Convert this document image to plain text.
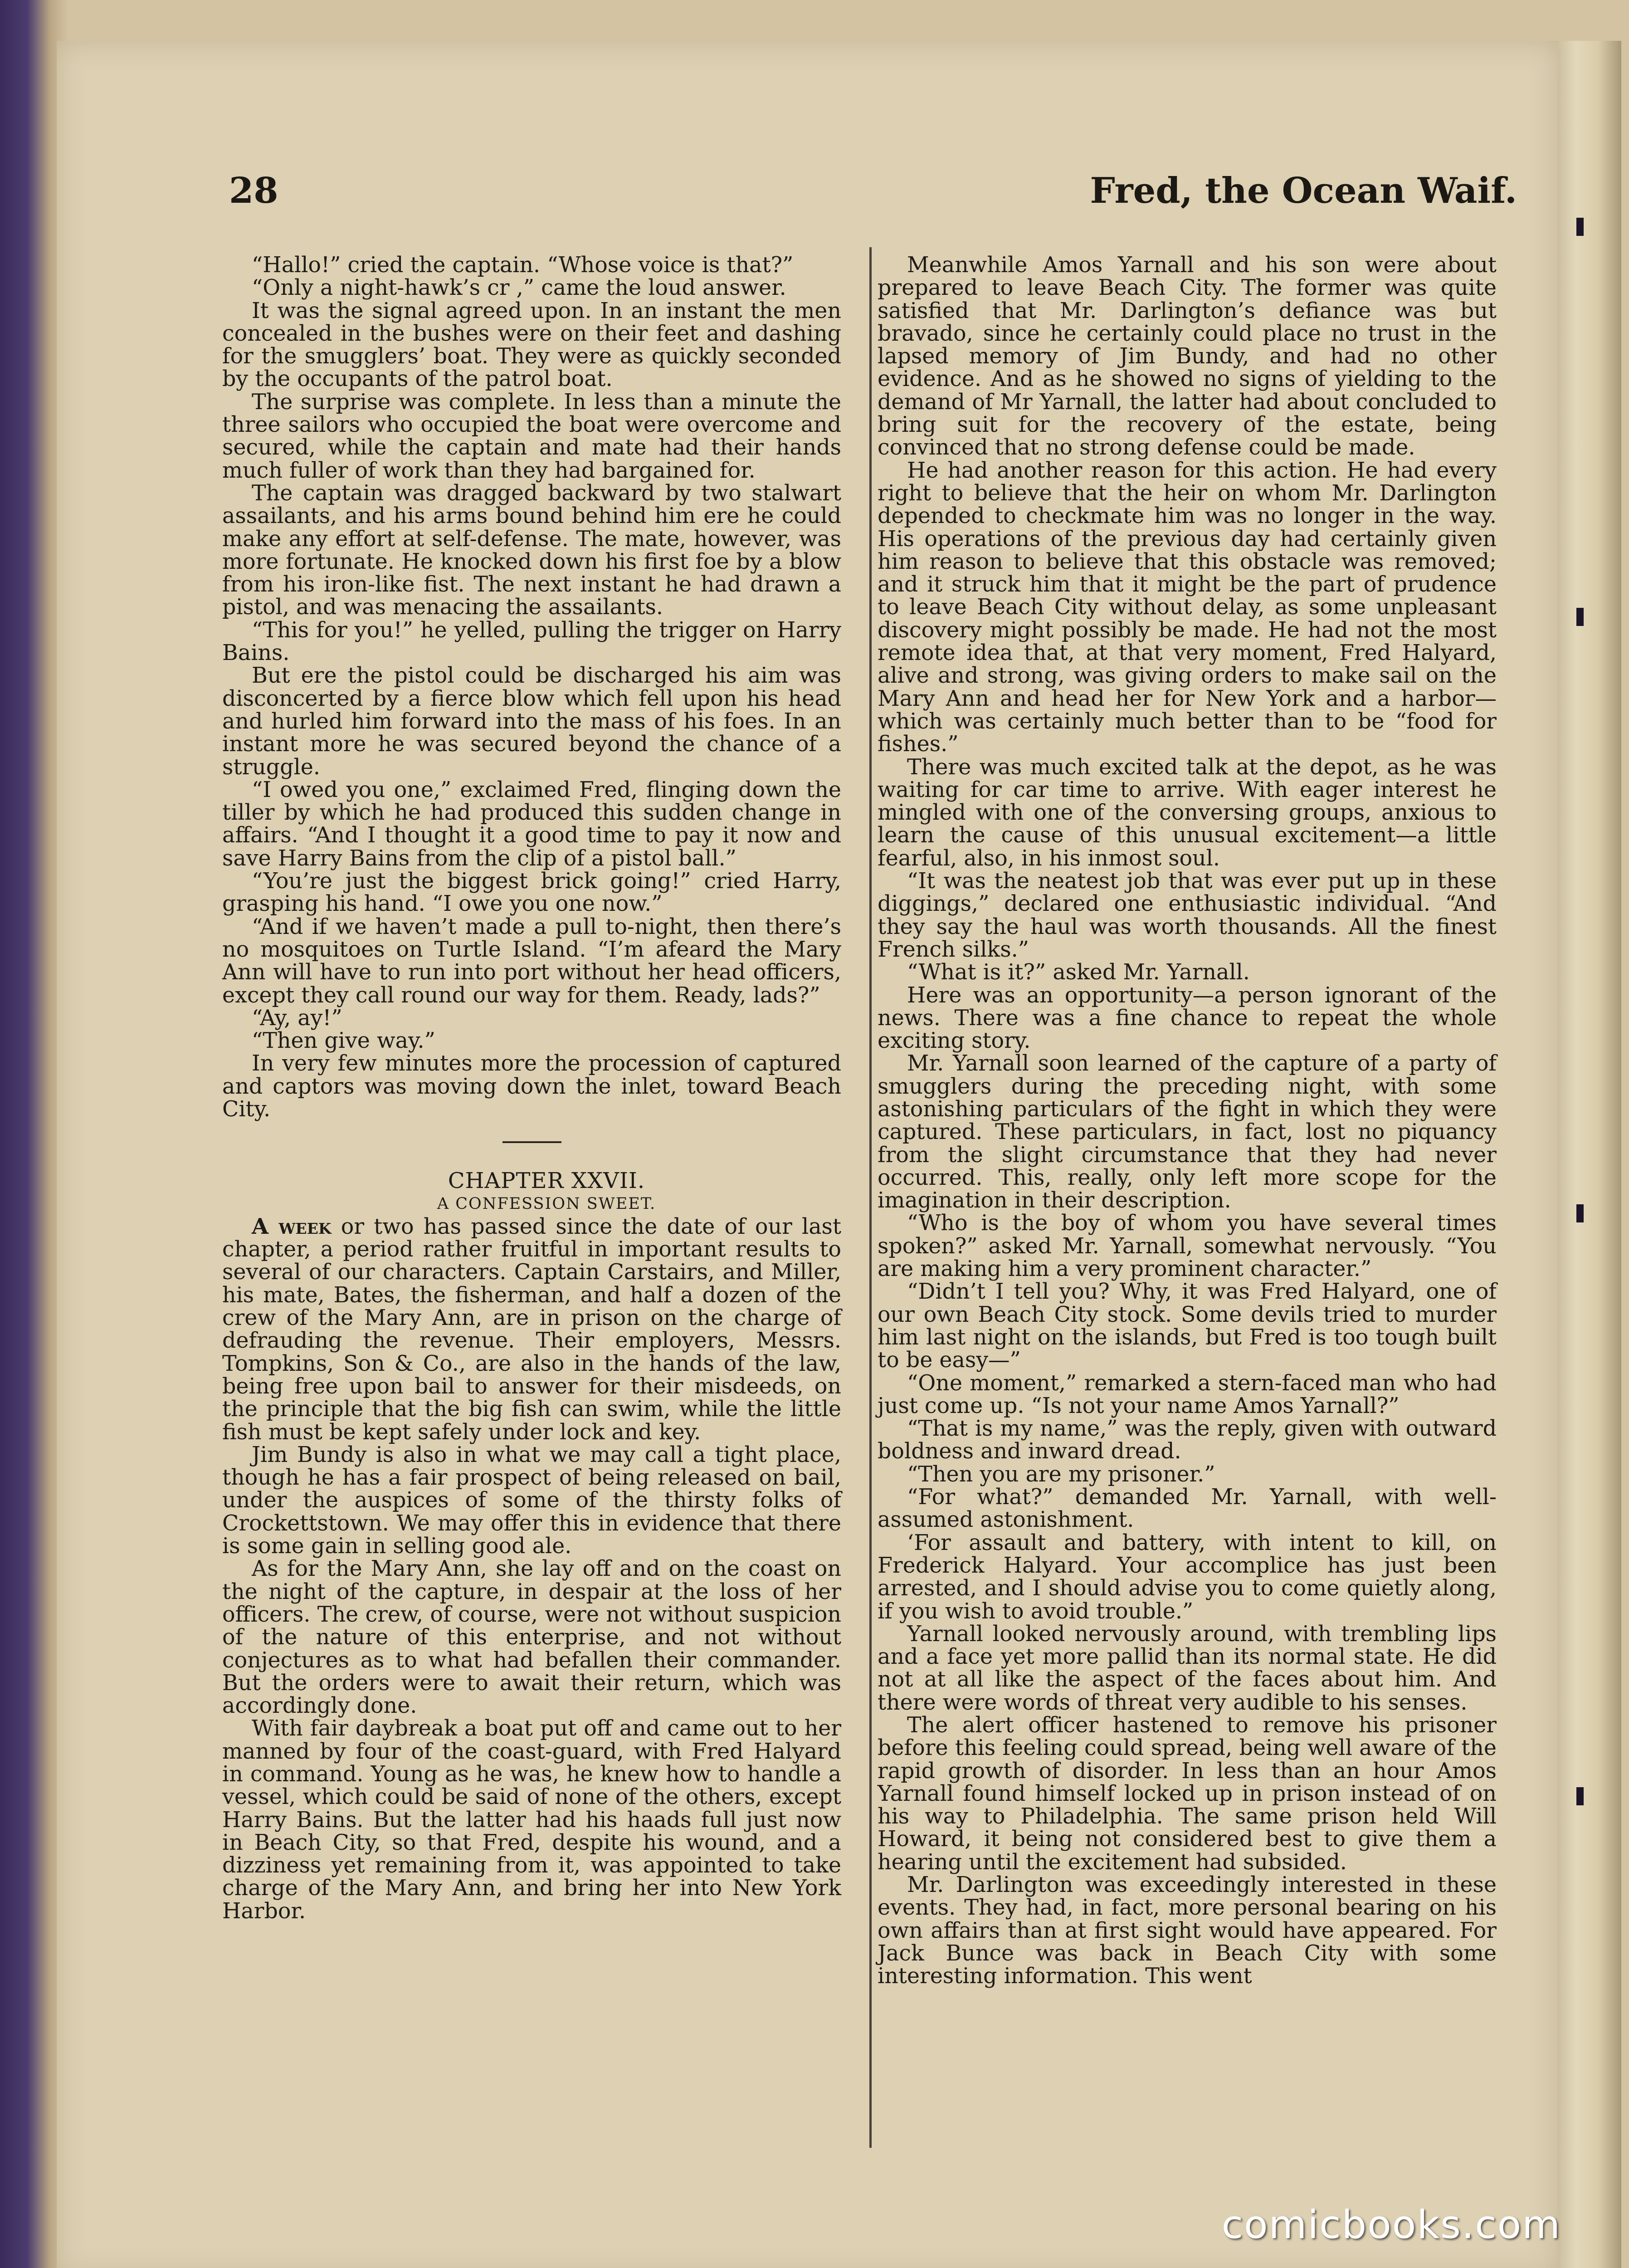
28	Fred, the Ocean Waif.

“Hallo!” cried the captain. “Whose voice is that?”

“Only a night-hawk’s cr ,” came the loud answer.

It was the signal agreed upon. In an instant the men concealed in the bushes were on their feet and dashing for the smugglers’ boat. They were as quickly seconded by the occupants of the patrol boat.

The surprise was complete. In less than a minute the three sailors who occupied the boat were overcome and secured, while the captain and mate had their hands much fuller of work than they had bargained for.

The captain was dragged backward by two stalwart assailants, and his arms bound behind him ere he could make any effort at self-defense. The mate, however, was more fortunate. He knocked down his first foe by a blow from his iron-like fist. The next instant he had drawn a pistol, and was menacing the assailants.

“This for you!” he yelled, pulling the trigger on Harry Bains.

But ere the pistol could be discharged his aim was disconcerted by a fierce blow which fell upon his head and hurled him forward into the mass of his foes. In an instant more he was secured beyond the chance of a struggle.

“I owed you one,” exclaimed Fred, flinging down the tiller by which he had produced this sudden change in affairs. “And I thought it a good time to pay it now and save Harry Bains from the clip of a pistol ball.”

“You’re just the biggest brick going!” cried Harry, grasping his hand. “I owe you one now.”

“And if we haven’t made a pull to-night, then there’s no mosquitoes on Turtle Island. “I’m afeard the Mary Ann will have to run into port without her head officers, except they call round our way for them. Ready, lads?”

“Ay, ay!”

“Then give way.”

In very few minutes more the procession of captured and captors was moving down the inlet, toward Beach City.

CHAPTER XXVII.

A CONFESSION SWEET.

A week or two has passed since the date of our last chapter, a period rather fruitful in important results to several of our characters. Captain Carstairs, and Miller, his mate, Bates, the fisherman, and half a dozen of the crew of the Mary Ann, are in prison on the charge of defrauding the revenue. Their employers, Messrs. Tompkins, Son & Co., are also in the hands of the law, being free upon bail to answer for their misdeeds, on the principle that the big fish can swim, while the little fish must be kept safely under lock and key.

Jim Bundy is also in what we may call a tight place, though he has a fair prospect of being released on bail, under the auspices of some of the thirsty folks of Crockettstown. We may offer this in evidence that there is some gain in selling good ale.

As for the Mary Ann, she lay off and on the coast on the night of the capture, in despair at the loss of her officers. The crew, of course, were not without suspicion of the nature of this enterprise, and not without conjectures as to what had befallen their commander. But the orders were to await their return, which was accordingly done.

With fair daybreak a boat put off and came out to her manned by four of the coast-guard, with Fred Halyard in command. Young as he was, he knew how to handle a vessel, which could be said of none of the others, except Harry Bains. But the latter had his haads full just now in Beach City, so that Fred, despite his wound, and a dizziness yet remaining from it, was appointed to take charge of the Mary Ann, and bring her into New York Harbor.

Meanwhile Amos Yarnall and his son were about prepared to leave Beach City. The former was quite satisfied that Mr. Darlington’s defiance was but bravado, since he certainly could place no trust in the lapsed memory of Jim Bundy, and had no other evidence. And as he showed no signs of yielding to the demand of Mr Yarnall, the latter had about concluded to bring suit for the recovery of the estate, being convinced that no strong defense could be made.

He had another reason for this action. He had every right to believe that the heir on whom Mr. Darlington depended to checkmate him was no longer in the way. His operations of the previous day had certainly given him reason to believe that this obstacle was removed; and it struck him that it might be the part of prudence to leave Beach City without delay, as some unpleasant discovery might possibly be made. He had not the most remote idea that, at that very moment, Fred Halyard, alive and strong, was giving orders to make sail on the Mary Ann and head her for New York and a harbor—which was certainly much better than to be “food for fishes.”

There was much excited talk at the depot, as he was waiting for car time to arrive. With eager interest he mingled with one of the conversing groups, anxious to learn the cause of this unusual excitement—a little fearful, also, in his inmost soul.

“It was the neatest job that was ever put up in these diggings,” declared one enthusiastic individual. “And they say the haul was worth thousands. All the finest French silks.”

“What is it?” asked Mr. Yarnall.

Here was an opportunity—a person ignorant of the news. There was a fine chance to repeat the whole exciting story.

Mr. Yarnall soon learned of the capture of a party of smugglers during the preceding night, with some astonishing particulars of the fight in which they were captured. These particulars, in fact, lost no piquancy from the slight circumstance that they had never occurred. This, really, only left more scope for the imagination in their description.

“Who is the boy of whom you have several times spoken?” asked Mr. Yarnall, somewhat nervously. “You are making him a very prominent character.”

“Didn’t I tell you? Why, it was Fred Halyard, one of our own Beach City stock. Some devils tried to murder him last night on the islands, but Fred is too tough built to be easy—”

“One moment,” remarked a stern-faced man who had just come up. “Is not your name Amos Yarnall?”

“That is my name,” was the reply, given with outward boldness and inward dread.

“Then you are my prisoner.”

“For what?” demanded Mr. Yarnall, with well-assumed astonishment.

‘For assault and battery, with intent to kill, on Frederick Halyard. Your accomplice has just been arrested, and I should advise you to come quietly along, if you wish to avoid trouble.”

Yarnall looked nervously around, with trembling lips and a face yet more pallid than its normal state. He did not at all like the aspect of the faces about him. And there were words of threat very audible to his senses.

The alert officer hastened to remove his prisoner before this feeling could spread, being well aware of the rapid growth of disorder. In less than an hour Amos Yarnall found himself locked up in prison instead of on his way to Philadelphia. The same prison held Will Howard, it being not considered best to give them a hearing until the excitement had subsided.

Mr. Darlington was exceedingly interested in these events. They had, in fact, more personal bearing on his own affairs than at first sight would have appeared. For Jack Bunce was back in Beach City with some interesting information. This went

comicbooks.com
